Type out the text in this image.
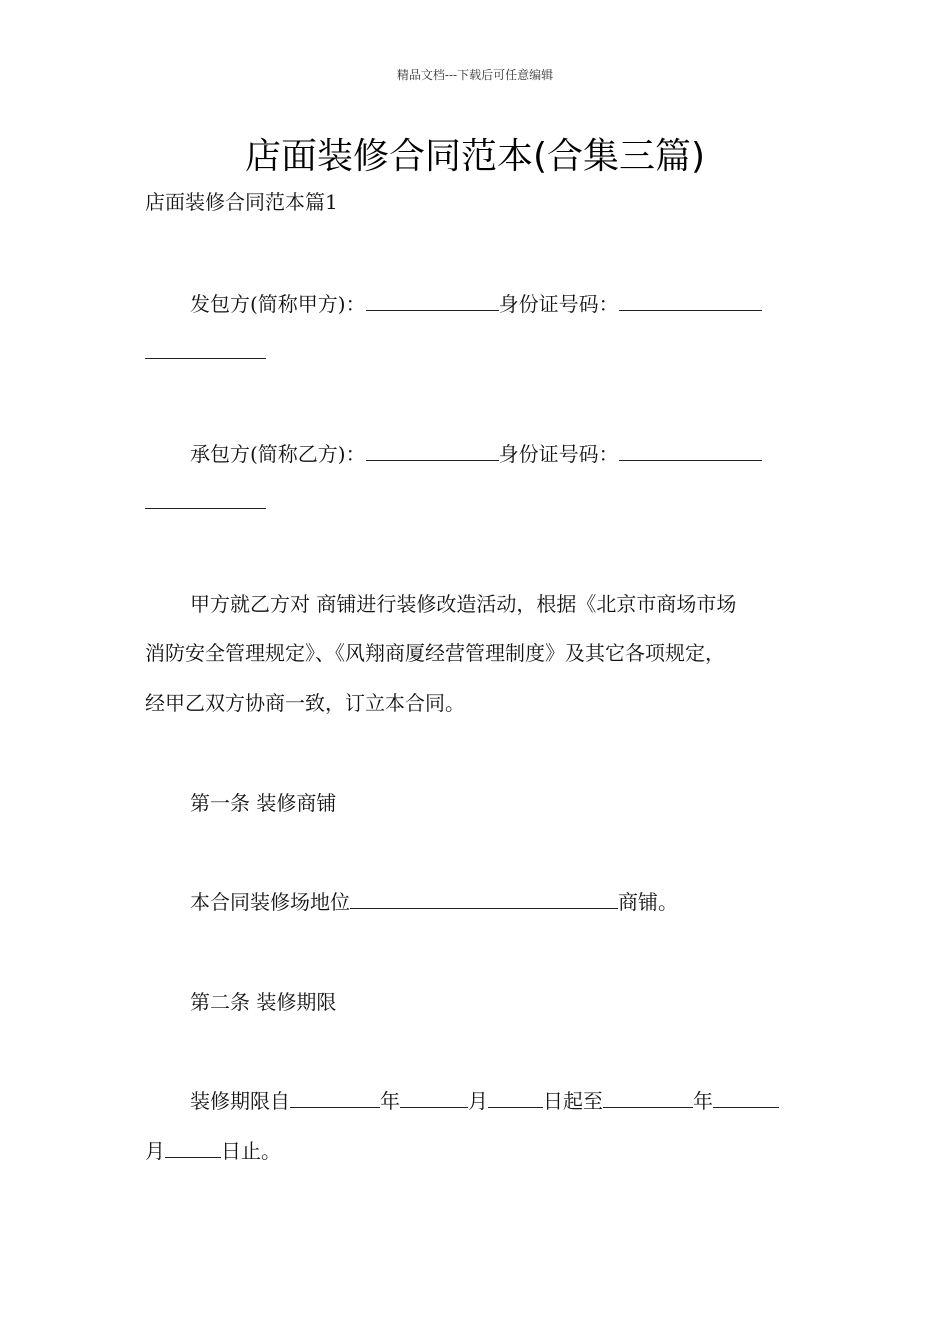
精品文档---下载后可任意编辑
店面装修合同范本(合集三篇)
店面装修合同范本篇1
发包方(简称甲方)：	身份证号码：
承包方(简称乙方)：	身份证号码：
甲方就乙方对 商铺进行装修改造活动，根据《北京市商场市场
消防安全管理规定》、《风翔商厦经营管理制度》及其它各项规定，
经甲乙双方协商一致，订立本合同。
第一条 装修商铺
本合同装修场地位	商铺。
第二条 装修期限
装修期限自	年	月	日起至	年
月	日止。
